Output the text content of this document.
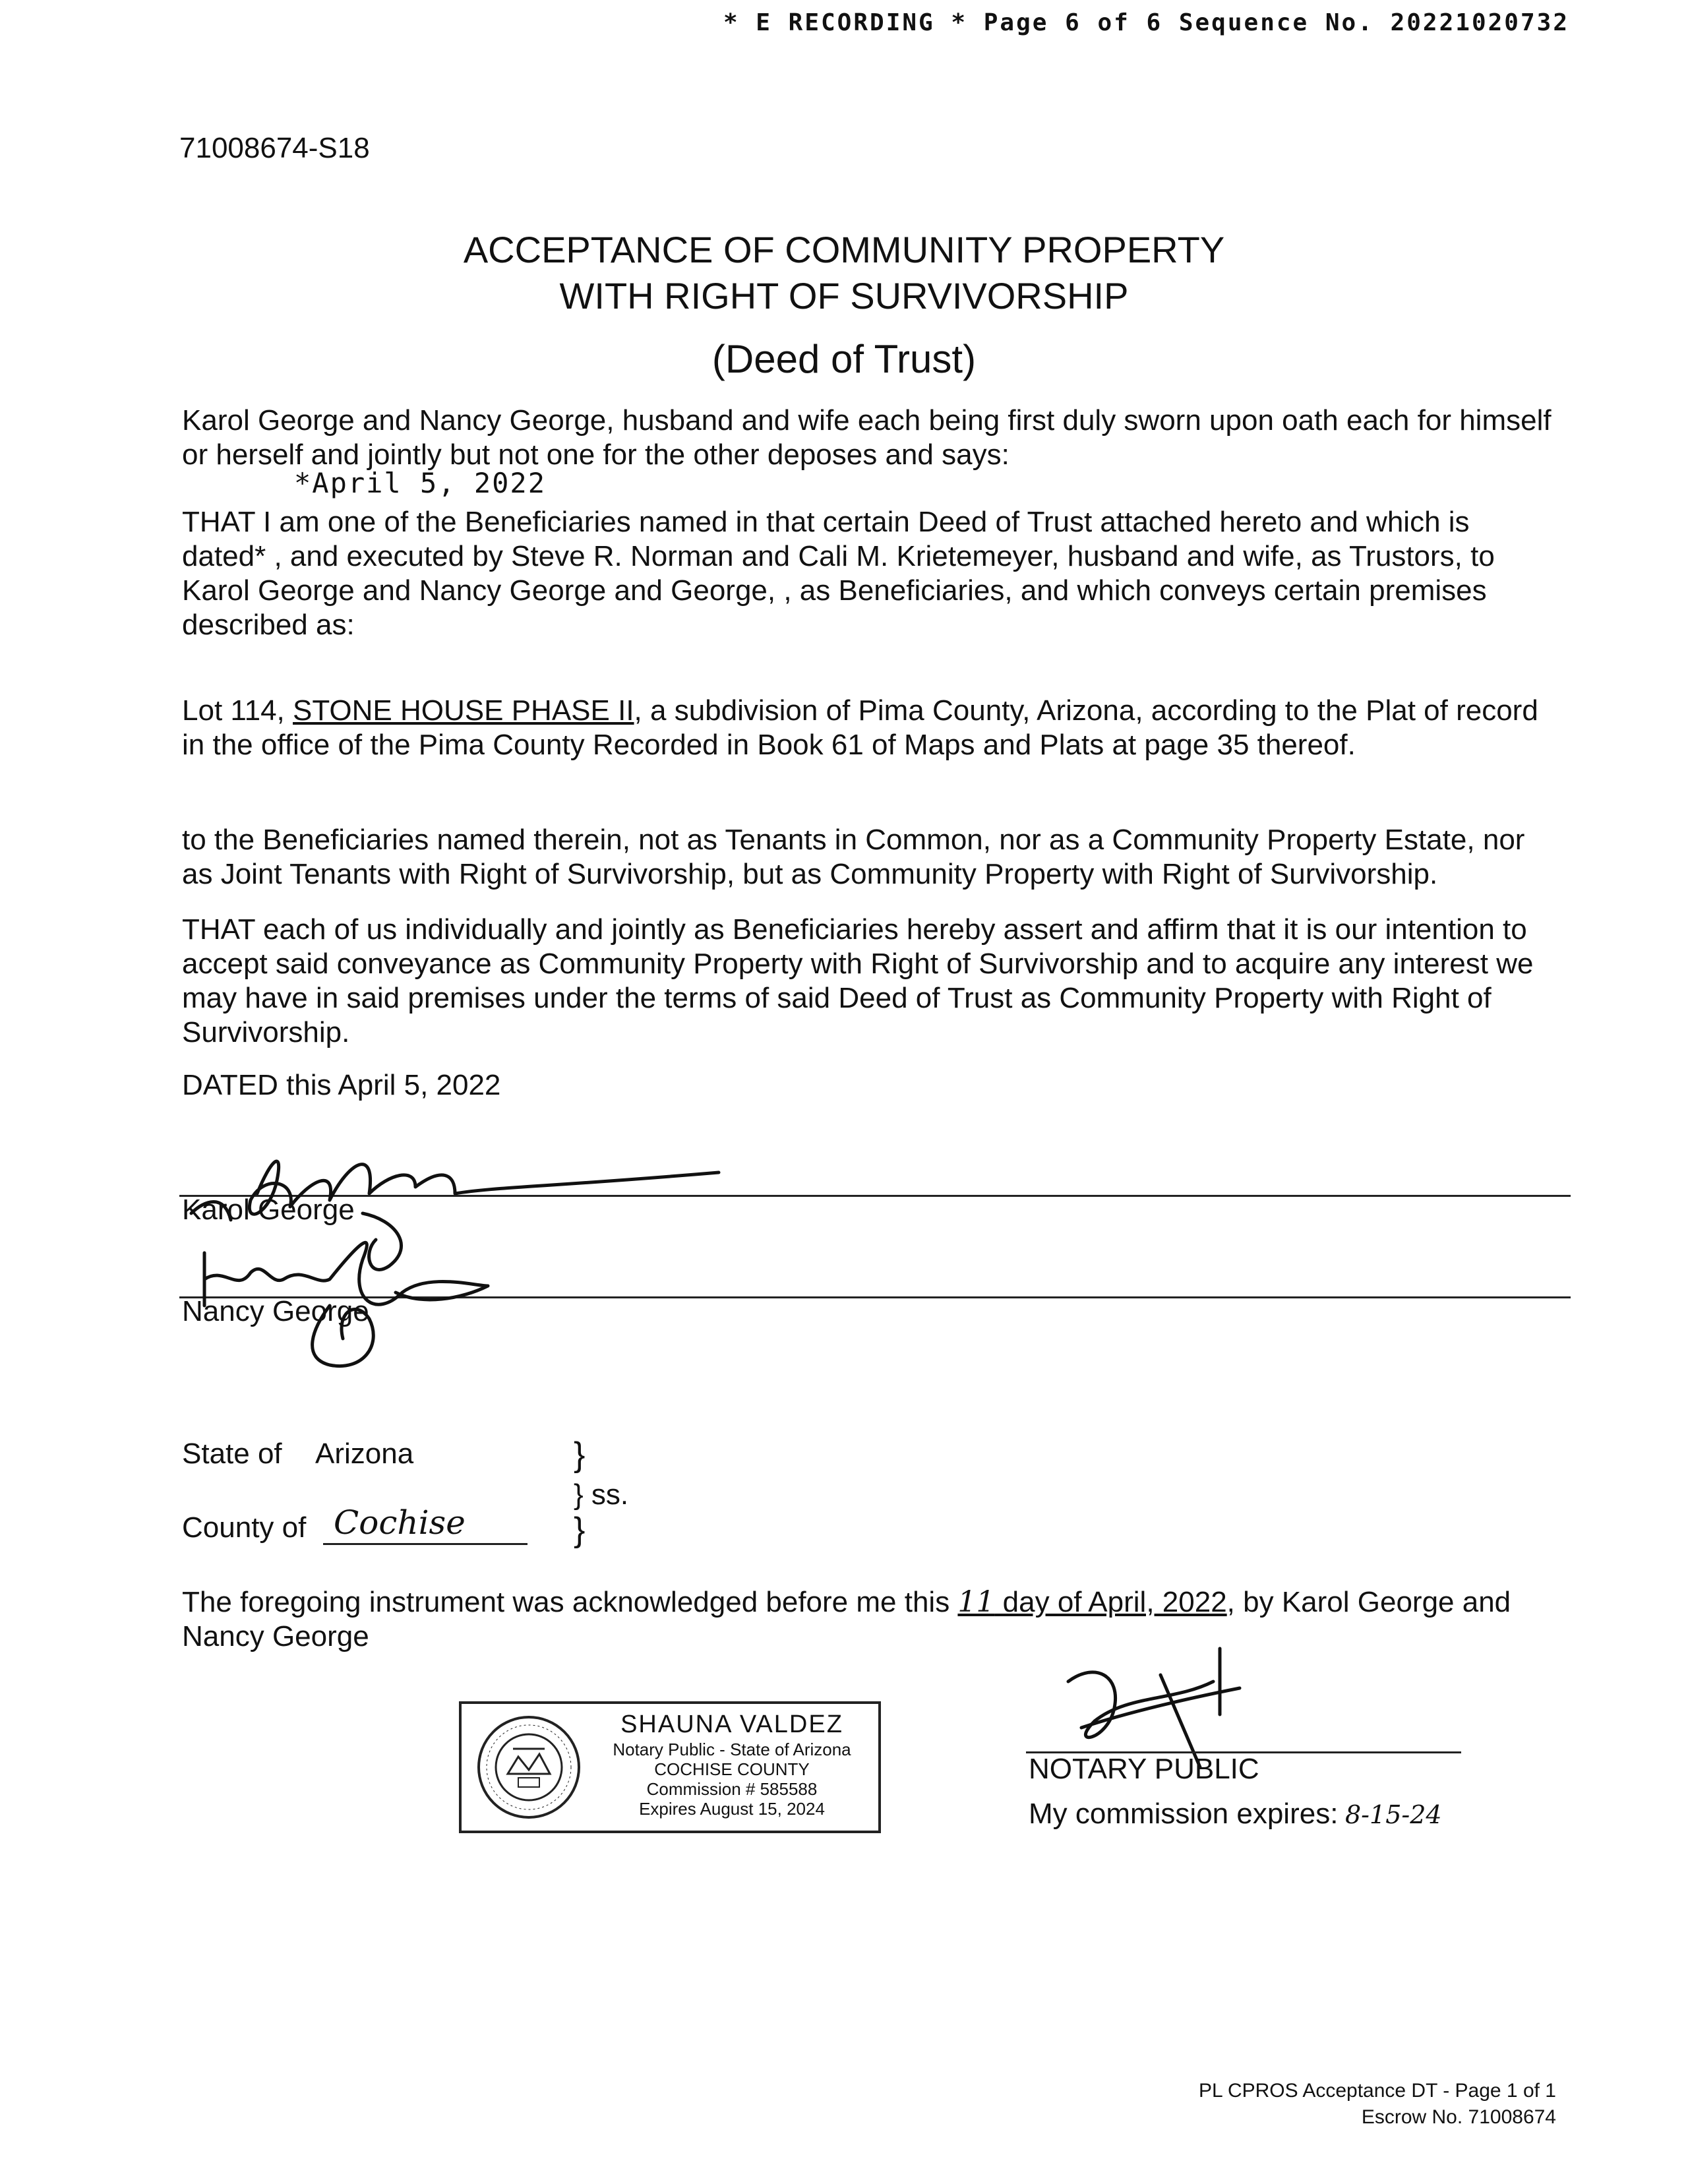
* E RECORDING * Page 6 of 6 Sequence No. 20221020732
71008674-S18
ACCEPTANCE OF COMMUNITY PROPERTY
WITH RIGHT OF SURVIVORSHIP
(Deed of Trust)
Karol George and Nancy George, husband and wife each being first duly sworn upon oath each for himself or herself and jointly but not one for the other deposes and says:
*April 5, 2022
THAT I am one of the Beneficiaries named in that certain Deed of Trust attached hereto and which is dated* , and executed by Steve R. Norman and Cali M. Krietemeyer, husband and wife, as Trustors, to Karol George and Nancy George and George, , as Beneficiaries, and which conveys certain premises described as:
Lot 114, STONE HOUSE PHASE II, a subdivision of Pima County, Arizona, according to the Plat of record in the office of the Pima County Recorded in Book 61 of Maps and Plats at page 35 thereof.
to the Beneficiaries named therein, not as Tenants in Common, nor as a Community Property Estate, nor as Joint Tenants with Right of Survivorship, but as Community Property with Right of Survivorship.
THAT each of us individually and jointly as Beneficiaries hereby assert and affirm that it is our intention to accept said conveyance as Community Property with Right of Survivorship and to acquire any interest we may have in said premises under the terms of said Deed of Trust as Community Property with Right of Survivorship.
DATED this April 5, 2022
Karol George
Nancy George
State of Arizona	}
} ss.
County of Cochise	}
The foregoing instrument was acknowledged before me this 11 day of April, 2022, by Karol George and Nancy George
SHAUNA VALDEZ
Notary Public - State of Arizona
COCHISE COUNTY
Commission # 585588
Expires August 15, 2024
NOTARY PUBLIC
My commission expires: 8-15-24
PL CPROS Acceptance DT - Page 1 of 1
Escrow No. 71008674
